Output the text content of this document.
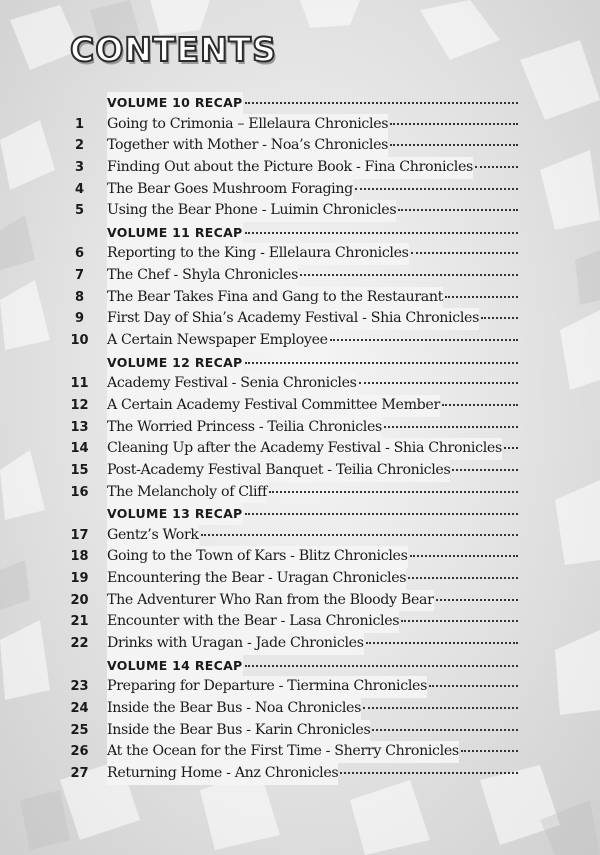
CONTENTS
VOLUME 10 RECAP
1	Going to Crimonia – Ellelaura Chronicles
2	Together with Mother - Noa’s Chronicles
3	Finding Out about the Picture Book - Fina Chronicles
4	The Bear Goes Mushroom Foraging
5	Using the Bear Phone - Luimin Chronicles
VOLUME 11 RECAP
6	Reporting to the King - Ellelaura Chronicles
7	The Chef - Shyla Chronicles
8	The Bear Takes Fina and Gang to the Restaurant
9	First Day of Shia’s Academy Festival - Shia Chronicles
10	A Certain Newspaper Employee
VOLUME 12 RECAP
11	Academy Festival - Senia Chronicles
12	A Certain Academy Festival Committee Member
13	The Worried Princess - Teilia Chronicles
14	Cleaning Up after the Academy Festival - Shia Chronicles
15	Post-Academy Festival Banquet - Teilia Chronicles
16	The Melancholy of Cliff
VOLUME 13 RECAP
17	Gentz’s Work
18	Going to the Town of Kars - Blitz Chronicles
19	Encountering the Bear - Uragan Chronicles
20	The Adventurer Who Ran from the Bloody Bear
21	Encounter with the Bear - Lasa Chronicles
22	Drinks with Uragan - Jade Chronicles
VOLUME 14 RECAP
23	Preparing for Departure - Tiermina Chronicles
24	Inside the Bear Bus - Noa Chronicles
25	Inside the Bear Bus - Karin Chronicles
26	At the Ocean for the First Time - Sherry Chronicles
27	Returning Home - Anz Chronicles
